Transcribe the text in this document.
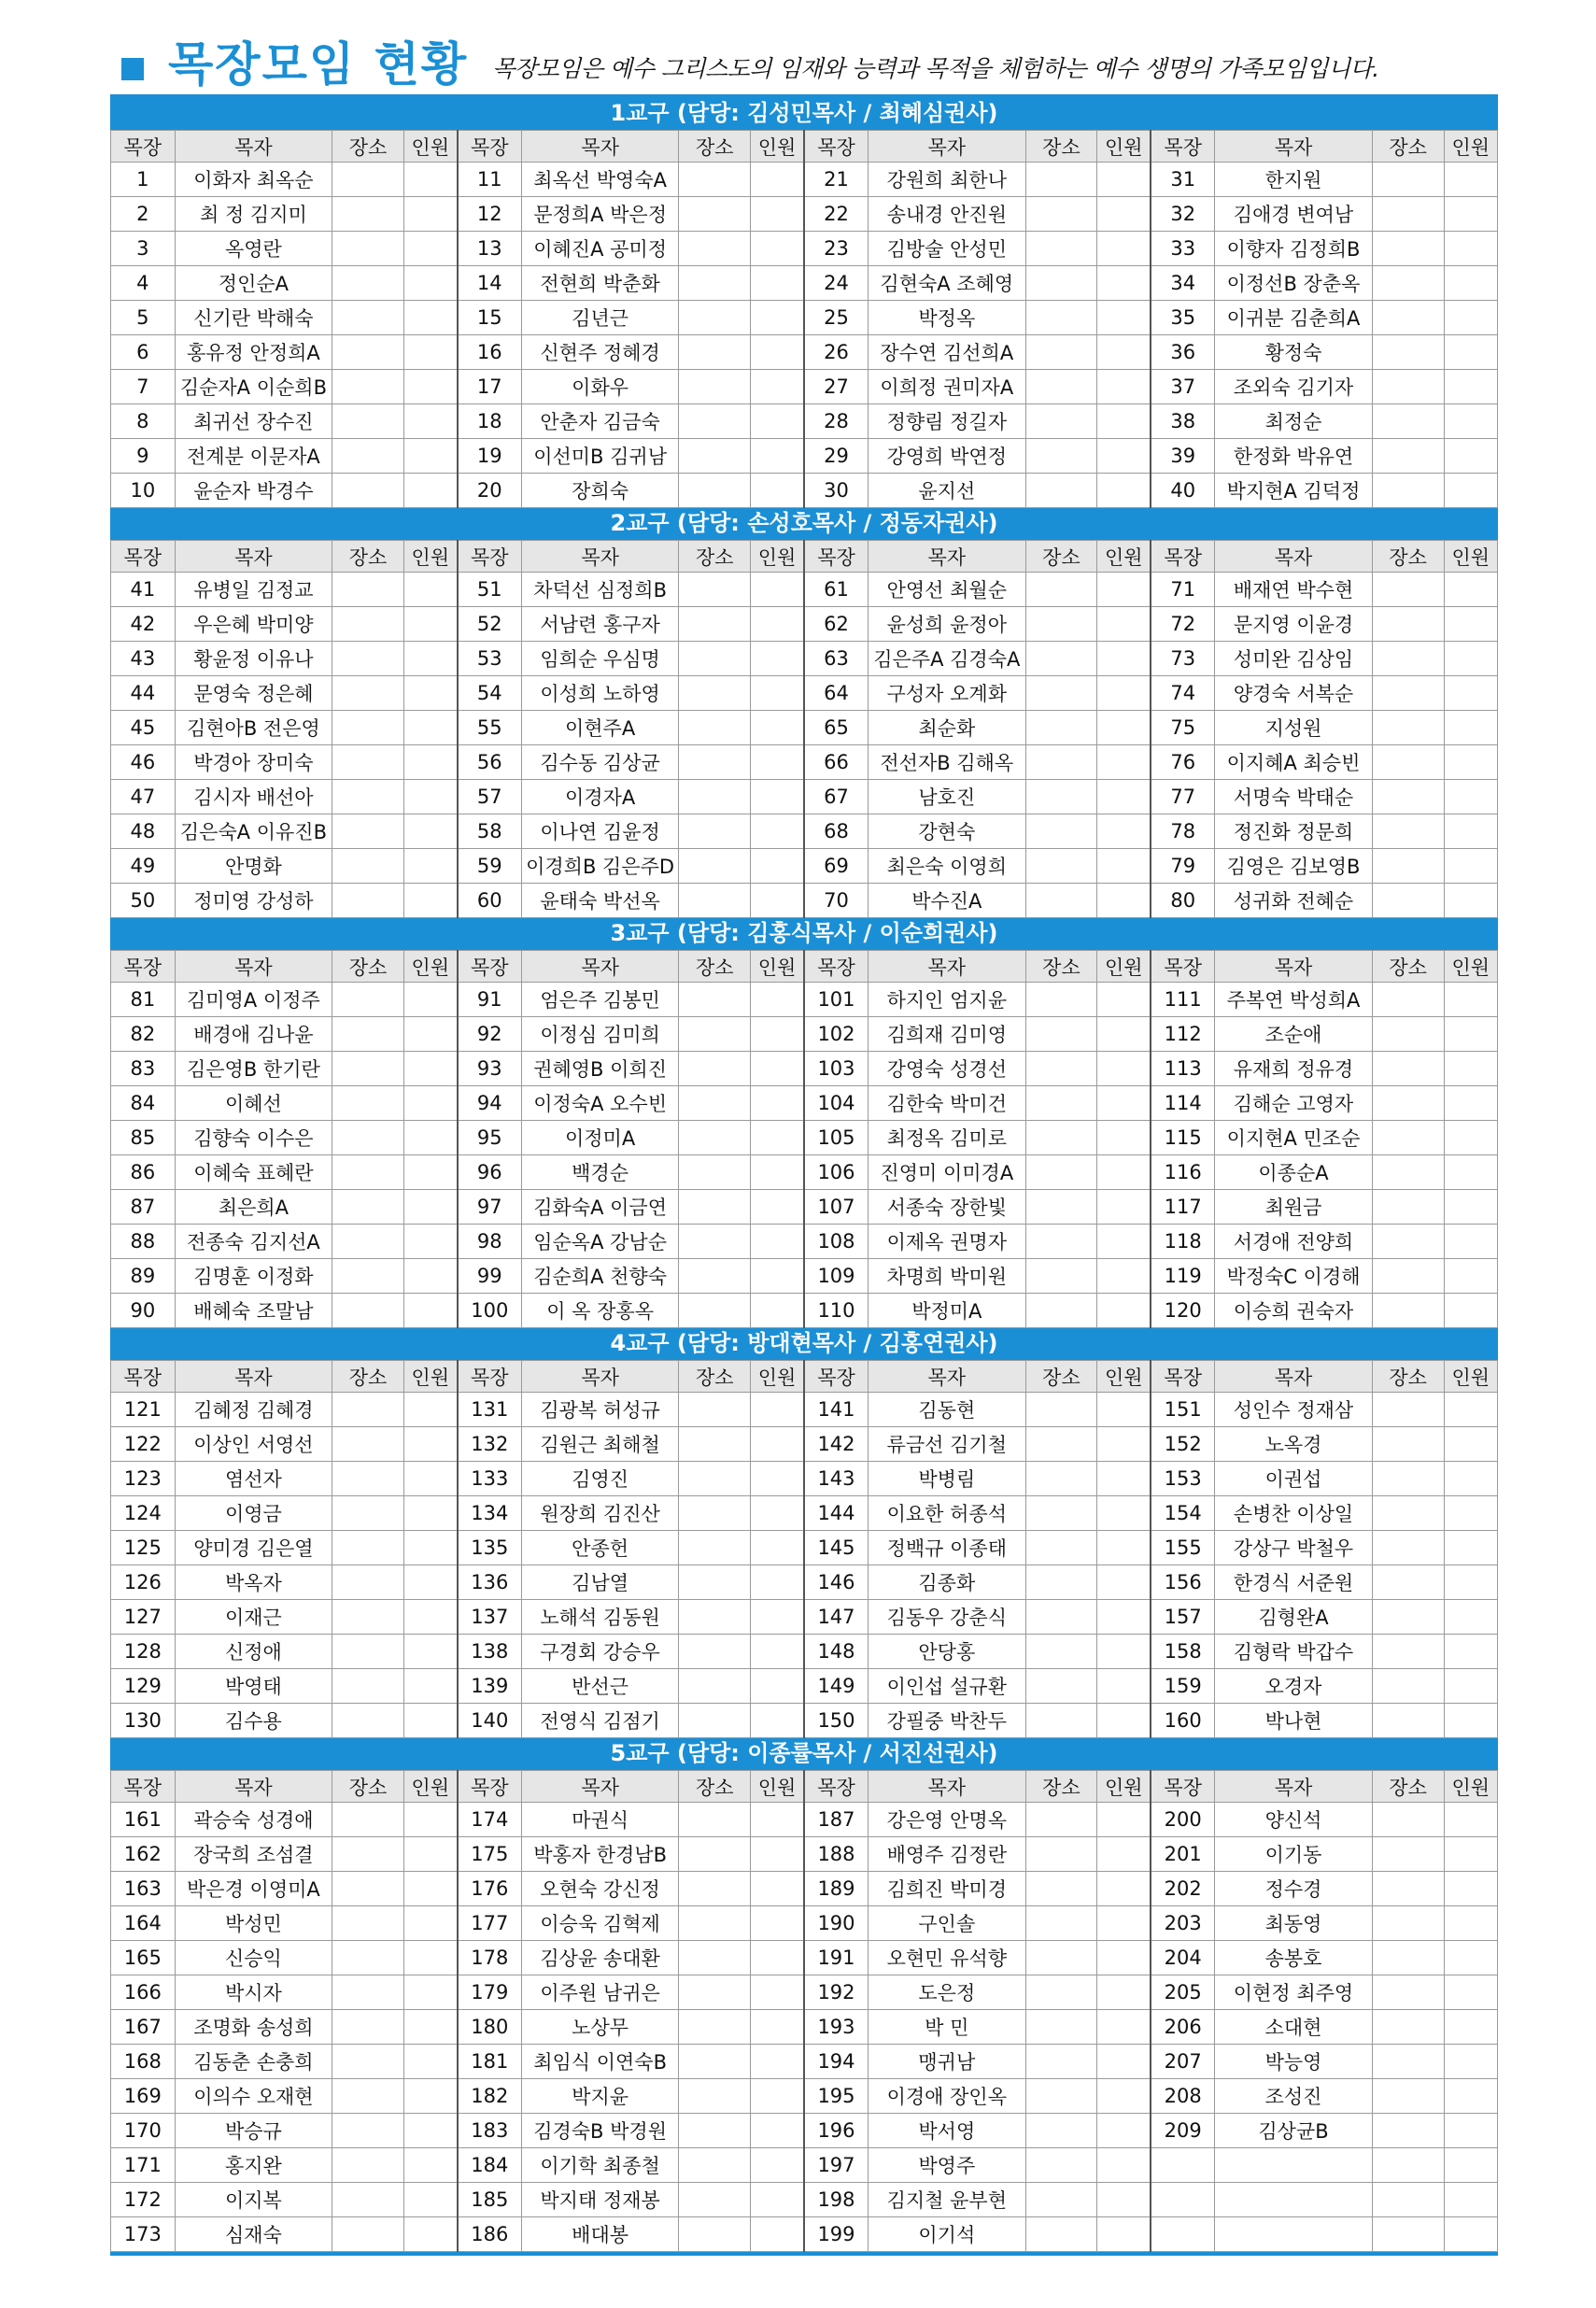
목장모임 현황 목장모임은 예수 그리스도의 임재와 능력과 목적을 체험하는 예수 생명의 가족모임입니다.
1교구 (담당: 김성민목사 / 최혜심권사)
목장	목자	장소	인원	목장	목자	장소	인원	목장	목자	장소	인원	목장	목자	장소	인원
1	이화자 최옥순			11	최옥선 박영숙A			21	강원희 최한나			31	한지원		
2	최 정 김지미			12	문정희A 박은정			22	송내경 안진원			32	김애경 변여남		
3	옥영란			13	이혜진A 공미정			23	김방술 안성민			33	이향자 김정희B		
4	정인순A			14	전현희 박춘화			24	김현숙A 조혜영			34	이정선B 장춘옥		
5	신기란 박해숙			15	김년근			25	박정옥			35	이귀분 김춘희A		
6	홍유정 안정희A			16	신현주 정혜경			26	장수연 김선희A			36	황정숙		
7	김순자A 이순희B			17	이화우			27	이희정 권미자A			37	조외숙 김기자		
8	최귀선 장수진			18	안춘자 김금숙			28	정향림 정길자			38	최정순		
9	전계분 이문자A			19	이선미B 김귀남			29	강영희 박연정			39	한정화 박유연		
10	윤순자 박경수			20	장희숙			30	윤지선			40	박지현A 김덕정		
2교구 (담당: 손성호목사 / 정동자권사)
목장	목자	장소	인원	목장	목자	장소	인원	목장	목자	장소	인원	목장	목자	장소	인원
41	유병일 김정교			51	차덕선 심정희B			61	안영선 최월순			71	배재연 박수현		
42	우은혜 박미양			52	서남련 홍구자			62	윤성희 윤정아			72	문지영 이윤경		
43	황윤정 이유나			53	임희순 우심명			63	김은주A 김경숙A			73	성미완 김상임		
44	문영숙 정은혜			54	이성희 노하영			64	구성자 오계화			74	양경숙 서복순		
45	김현아B 전은영			55	이현주A			65	최순화			75	지성원		
46	박경아 장미숙			56	김수동 김상균			66	전선자B 김해옥			76	이지혜A 최승빈		
47	김시자 배선아			57	이경자A			67	남호진			77	서명숙 박태순		
48	김은숙A 이유진B			58	이나연 김윤정			68	강현숙			78	정진화 정문희		
49	안명화			59	이경희B 김은주D			69	최은숙 이영희			79	김영은 김보영B		
50	정미영 강성하			60	윤태숙 박선옥			70	박수진A			80	성귀화 전혜순		
3교구 (담당: 김홍식목사 / 이순희권사)
목장	목자	장소	인원	목장	목자	장소	인원	목장	목자	장소	인원	목장	목자	장소	인원
81	김미영A 이정주			91	엄은주 김봉민			101	하지인 엄지윤			111	주복연 박성희A		
82	배경애 김나윤			92	이정심 김미희			102	김희재 김미영			112	조순애		
83	김은영B 한기란			93	권혜영B 이희진			103	강영숙 성경선			113	유재희 정유경		
84	이혜선			94	이정숙A 오수빈			104	김한숙 박미건			114	김해순 고영자		
85	김향숙 이수은			95	이정미A			105	최정옥 김미로			115	이지현A 민조순		
86	이혜숙 표혜란			96	백경순			106	진영미 이미경A			116	이종순A		
87	최은희A			97	김화숙A 이금연			107	서종숙 장한빛			117	최원금		
88	전종숙 김지선A			98	임순옥A 강남순			108	이제옥 권명자			118	서경애 전양희		
89	김명훈 이정화			99	김순희A 천향숙			109	차명희 박미원			119	박정숙C 이경해		
90	배혜숙 조말남			100	이 옥 장홍옥			110	박정미A			120	이승희 권숙자		
4교구 (담당: 방대현목사 / 김홍연권사)
목장	목자	장소	인원	목장	목자	장소	인원	목장	목자	장소	인원	목장	목자	장소	인원
121	김혜정 김혜경			131	김광복 허성규			141	김동현			151	성인수 정재삼		
122	이상인 서영선			132	김원근 최해철			142	류금선 김기철			152	노옥경		
123	염선자			133	김영진			143	박병림			153	이권섭		
124	이영금			134	원장희 김진산			144	이요한 허종석			154	손병찬 이상일		
125	양미경 김은열			135	안종헌			145	정백규 이종태			155	강상구 박철우		
126	박옥자			136	김남열			146	김종화			156	한경식 서준원		
127	이재근			137	노해석 김동원			147	김동우 강춘식			157	김형완A		
128	신정애			138	구경회 강승우			148	안당홍			158	김형락 박갑수		
129	박영태			139	반선근			149	이인섭 설규환			159	오경자		
130	김수용			140	전영식 김점기			150	강필중 박찬두			160	박나현		
5교구 (담당: 이종률목사 / 서진선권사)
목장	목자	장소	인원	목장	목자	장소	인원	목장	목자	장소	인원	목장	목자	장소	인원
161	곽승숙 성경애			174	마권식			187	강은영 안명옥			200	양신석		
162	장국희 조섬결			175	박홍자 한경남B			188	배영주 김정란			201	이기동		
163	박은경 이영미A			176	오현숙 강신정			189	김희진 박미경			202	정수경		
164	박성민			177	이승욱 김혁제			190	구인솔			203	최동영		
165	신승익			178	김상윤 송대환			191	오현민 유석향			204	송봉호		
166	박시자			179	이주원 남귀은			192	도은정			205	이현정 최주영		
167	조명화 송성희			180	노상무			193	박 민			206	소대현		
168	김동춘 손충희			181	최임식 이연숙B			194	맹귀남			207	박능영		
169	이의수 오재현			182	박지윤			195	이경애 장인옥			208	조성진		
170	박승규			183	김경숙B 박경원			196	박서영			209	김상균B		
171	홍지완			184	이기학 최종철			197	박영주						
172	이지복			185	박지태 정재봉			198	김지철 윤부현						
173	심재숙			186	배대봉			199	이기석						
